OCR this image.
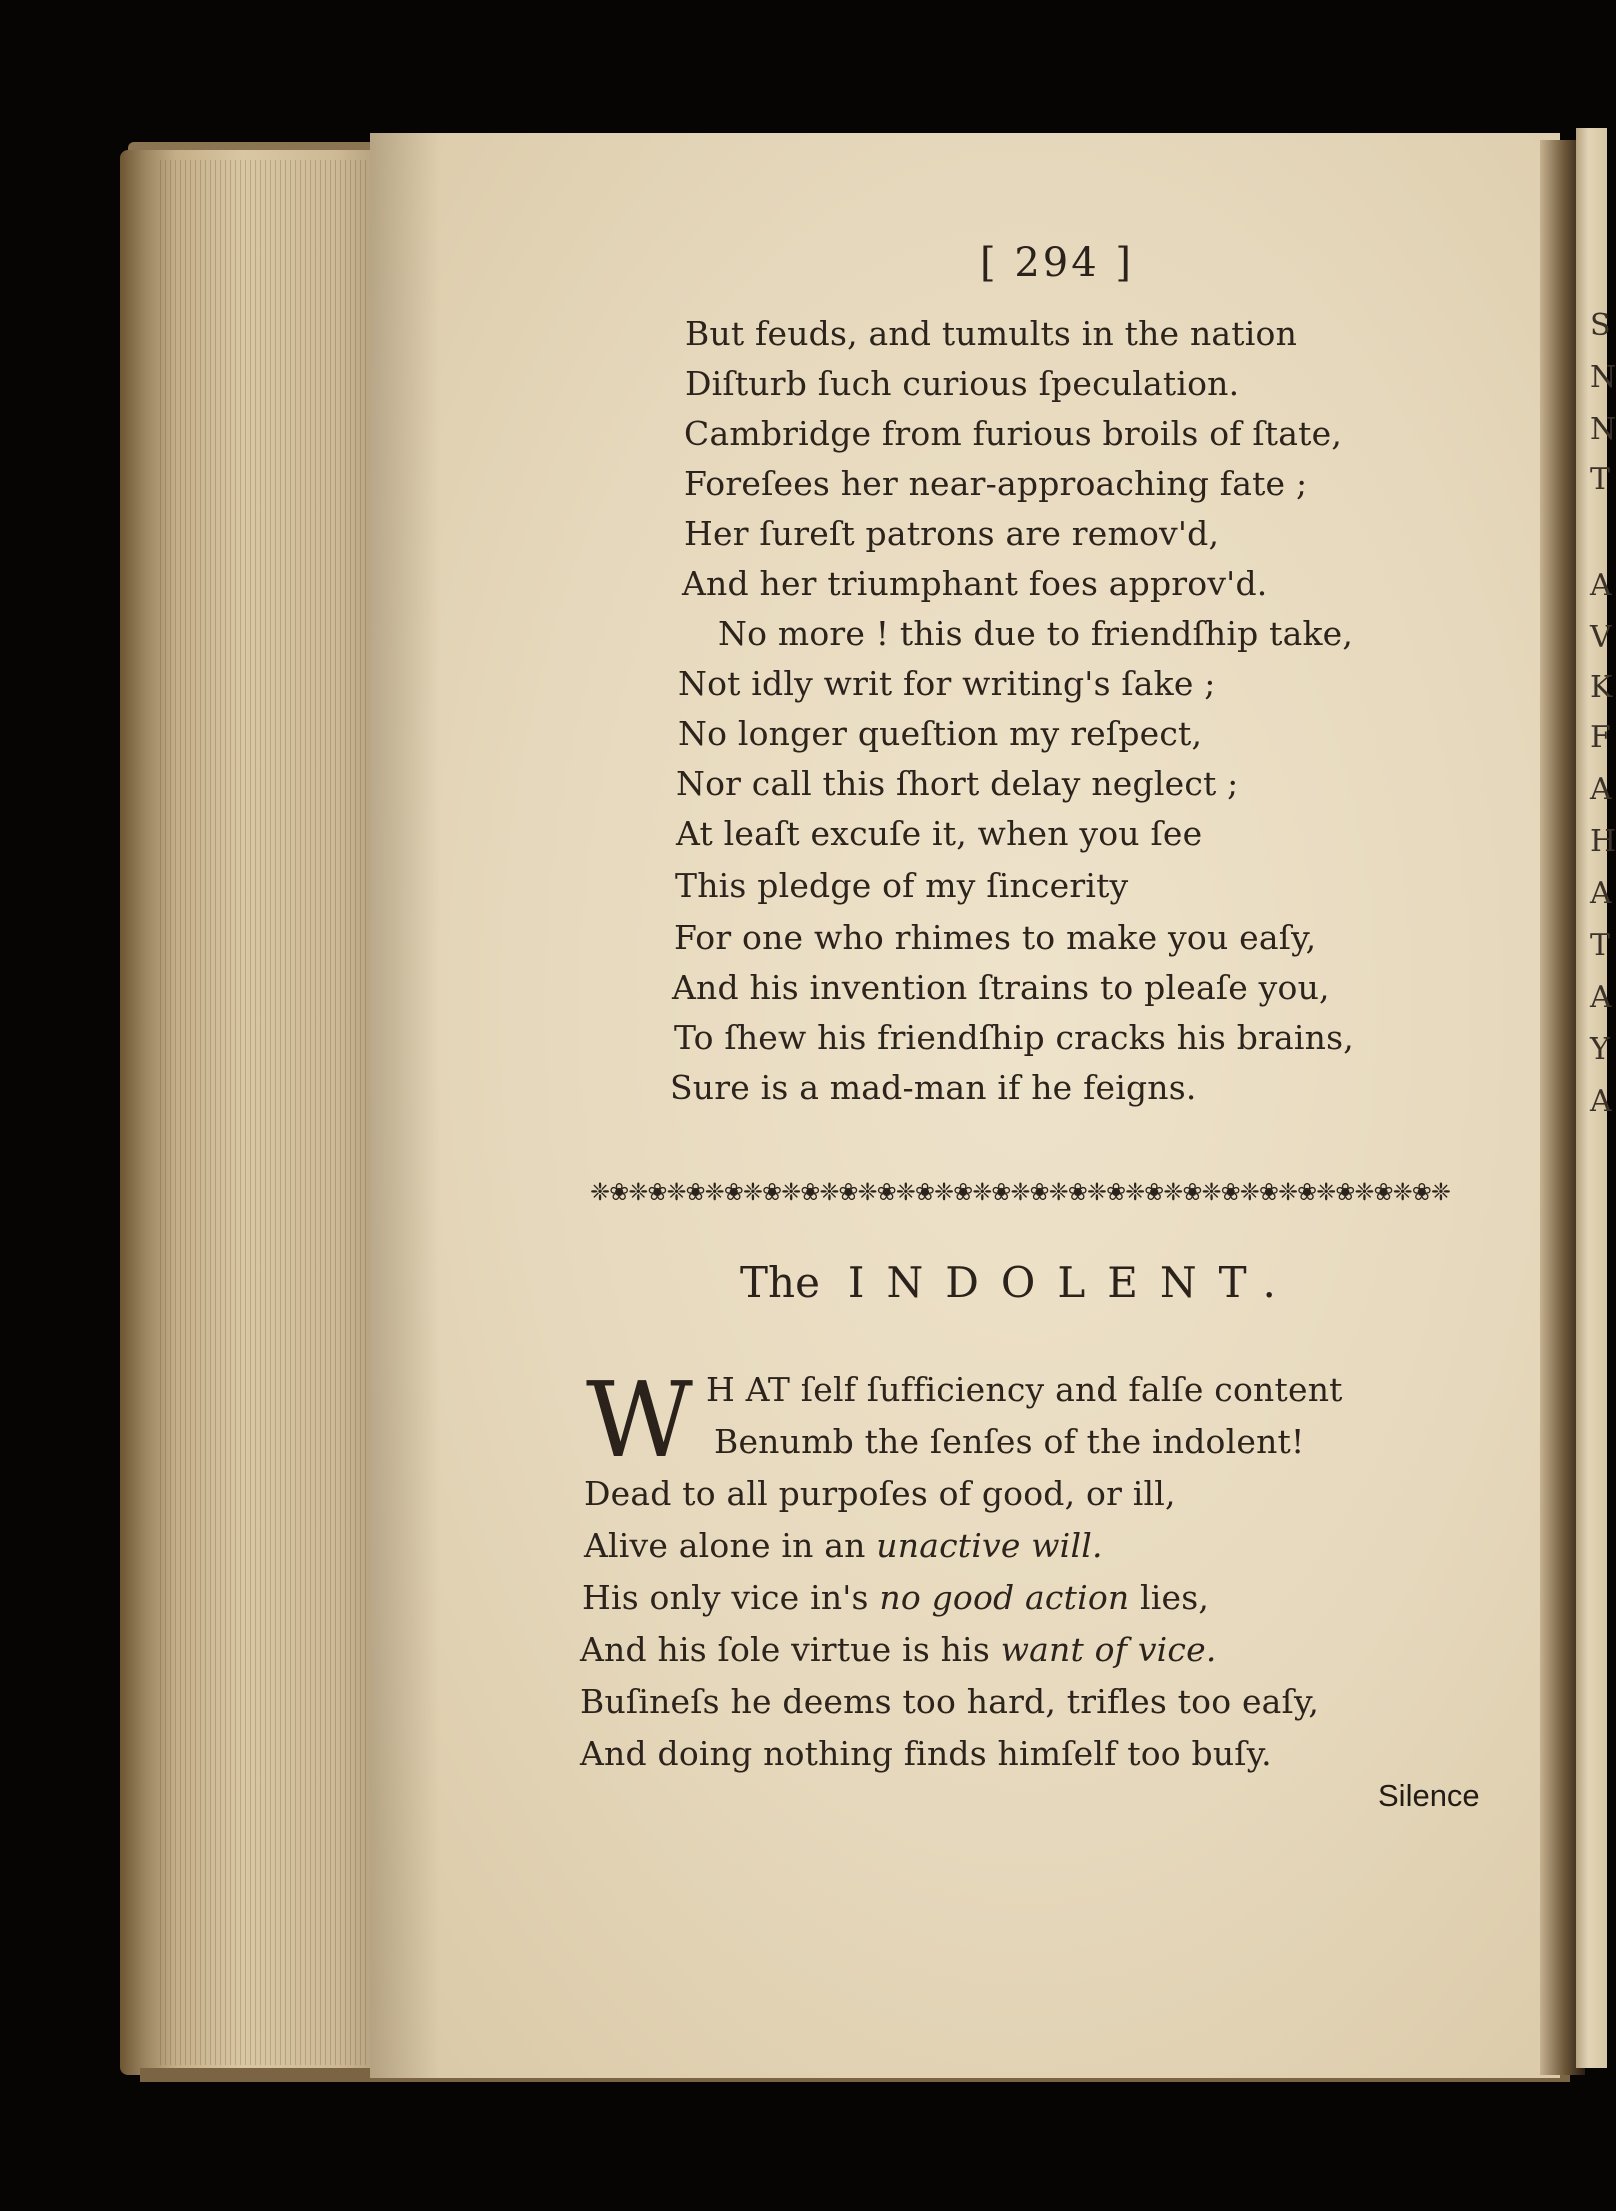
S
N
N
T
A
V
K
F
A
H
A
T
A
Y
A
[ 294 ]
But feuds, and tumults in the nation
Diſturb ſuch curious ſpeculation.
Cambridge from furious broils of ſtate,
Foreſees her near-approaching fate ;
Her ſureſt patrons are remov'd,
And her triumphant foes approv'd.
No more ! this due to friendſhip take,
Not idly writ for writing's ſake ;
No longer queſtion my reſpect,
Nor call this ſhort delay neglect ;
At leaſt excuſe it, when you ſee
This pledge of my ſincerity
For one who rhimes to make you eaſy,
And his invention ſtrains to pleaſe you,
To ſhew his friendſhip cracks his brains,
Sure is a mad-man if he feigns.
❈❀❈❀❈❀❈❀❈❀❈❀❈❀❈❀❈❀❈❀❈❀❈❀❈❀❈❀❈❀❈❀❈❀❈❀❈❀❈❀❈❀❈❀❈
The INDOLENT.
W H AT ſelf ſufficiency and falſe content
Benumb the ſenſes of the indolent!
Dead to all purpoſes of good, or ill,
Alive alone in an unactive will.
His only vice in's no good action lies,
And his ſole virtue is his want of vice.
Buſineſs he deems too hard, trifles too eaſy,
And doing nothing finds himſelf too buſy.
Silence
